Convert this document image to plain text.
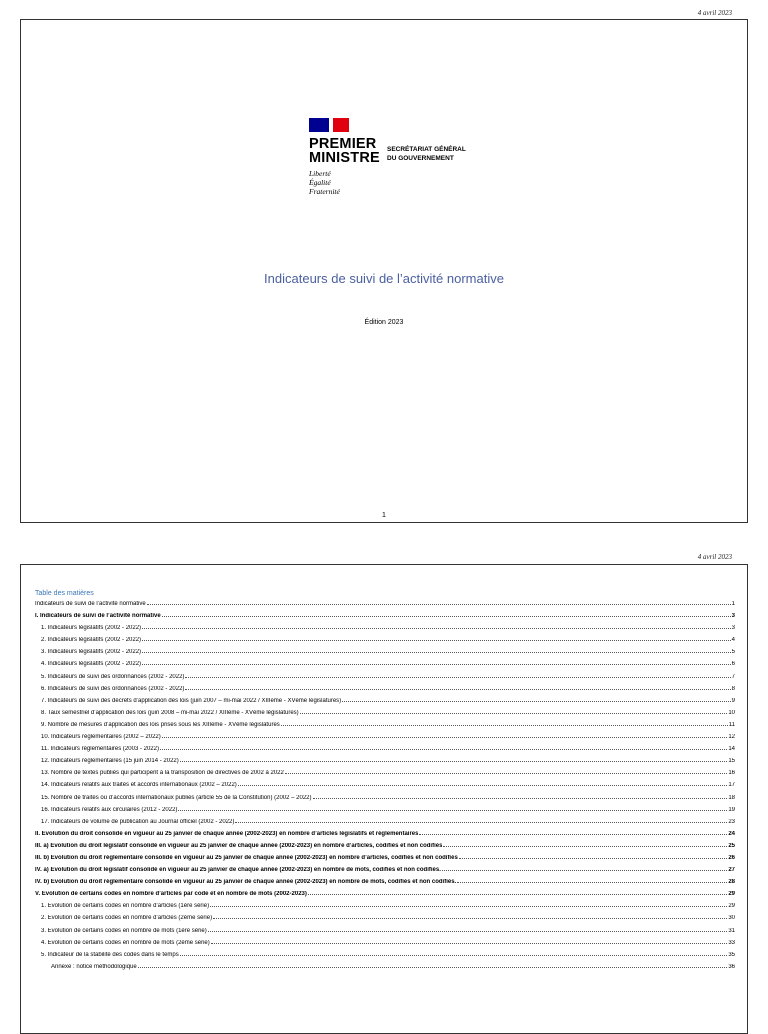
4 avril 2023
PREMIER
MINISTRE
SECRÉTARIAT GÉNÉRAL
DU GOUVERNEMENT
Liberté
Égalité
Fraternité
Indicateurs de suivi de l’activité normative
Édition 2023
1
4 avril 2023
Table des matières
Indicateurs de suivi de l’activité normative	1
I. Indicateurs de suivi de l’activité normative	3
1. Indicateurs législatifs (2002 - 2022)	3
2. Indicateurs législatifs (2002 - 2022)	4
3. Indicateurs législatifs (2002 - 2022)	5
4. Indicateurs législatifs (2002 - 2022)	6
5. Indicateurs de suivi des ordonnances (2002 - 2022)	7
6. Indicateurs de suivi des ordonnances (2002 - 2022)	8
7. Indicateurs de suivi des décrets d’application des lois (juin 2007 – mi-mai 2022 / XIIIème - XVème législatures)	9
8. Taux semestriel d’application des lois (juin 2008 – mi-mai 2022 / XIIIème - XVème législatures)	10
9. Nombre de mesures d’application des lois prises sous les XIIIème - XVème législatures	11
10. Indicateurs réglementaires (2002 – 2022)	12
11. Indicateurs réglementaires (2003 - 2022)	14
12. Indicateurs réglementaires (15 juin 2014 - 2022)	15
13. Nombre de textes publiés qui participent à la transposition de directives de 2002 à 2022	16
14. Indicateurs relatifs aux traités et accords internationaux (2002 – 2022)	17
15. Nombre de traités ou d’accords internationaux publiés (article 55 de la Constitution) (2002 – 2022)	18
16. Indicateurs relatifs aux circulaires (2012 - 2022)	19
17. Indicateurs de volume de publication au Journal officiel (2002 - 2022)	23
II. Évolution du droit consolidé en vigueur au 25 janvier de chaque année (2002-2023) en nombre d’articles législatifs et réglementaires	24
III. a) Évolution du droit législatif consolidé en vigueur au 25 janvier de chaque année (2002-2023) en nombre d’articles, codifiés et non codifiés	25
III. b) Évolution du droit réglementaire consolidé en vigueur au 25 janvier de chaque année (2002-2023) en nombre d’articles, codifiés et non codifiés	26
IV. a) Évolution du droit législatif consolidé en vigueur au 25 janvier de chaque année (2002-2023) en nombre de mots, codifiés et non codifiés.	27
IV. b) Évolution du droit réglementaire consolidé en vigueur au 25 janvier de chaque année (2002-2023) en nombre de mots, codifiés et non codifiés.	28
V. Évolution de certains codes en nombre d’articles par code et en nombre de mots (2002-2023)	29
1. Évolution de certains codes en nombre d’articles (1ère série)	29
2. Évolution de certains codes en nombre d’articles (2ème série)	30
3. Évolution de certains codes en nombre de mots (1ère série)	31
4. Évolution de certains codes en nombre de mots (2ème série)	33
5. Indicateur de la stabilité des codes dans le temps	35
Annexe : notice méthodologique	36
